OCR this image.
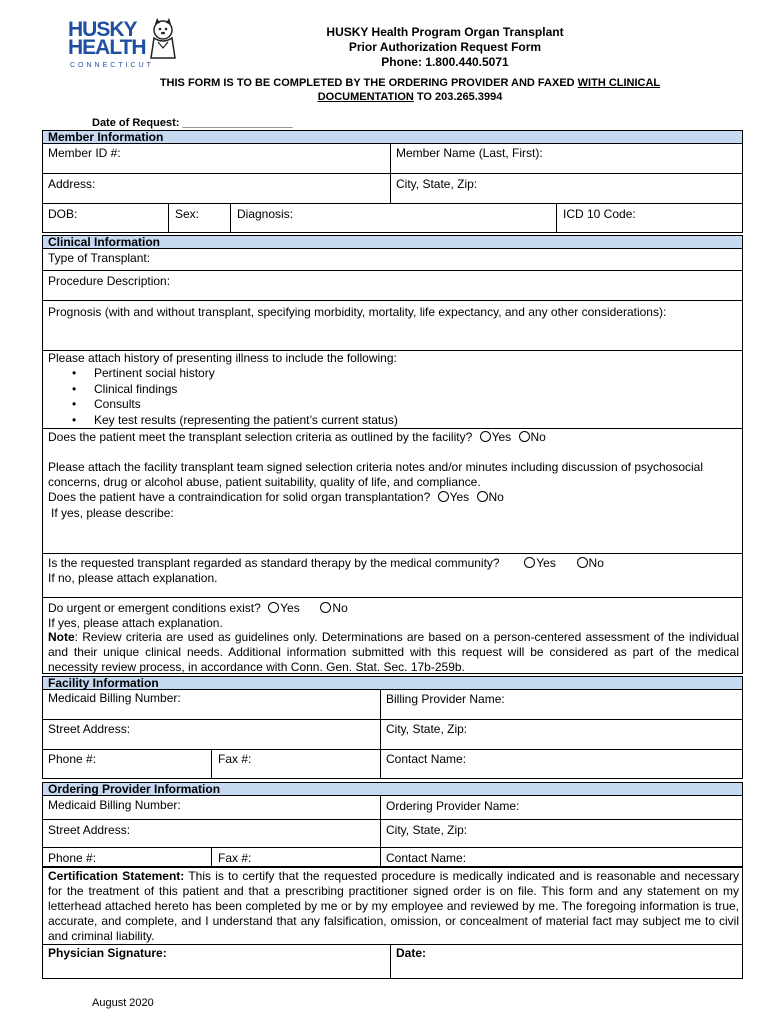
HUSKY
HEALTH
CONNECTICUT
HUSKY Health Program Organ Transplant
Prior Authorization Request Form
Phone: 1.800.440.5071
THIS FORM IS TO BE COMPLETED BY THE ORDERING PROVIDER AND FAXED WITH CLINICAL
DOCUMENTATION TO 203.265.3994
Date of Request: __________________
Member Information
Member ID #:	Member Name (Last, First):
Address:	City, State, Zip:
DOB:	Sex:	Diagnosis:	ICD 10 Code:
Clinical Information
Type of Transplant:
Procedure Description:
Prognosis (with and without transplant, specifying morbidity, mortality, life expectancy, and any other considerations):
Please attach history of presenting illness to include the following:
• Pertinent social history
• Clinical findings
• Consults
• Key test results (representing the patient’s current status)
Does the patient meet the transplant selection criteria as outlined by the facility? Yes No
Please attach the facility transplant team signed selection criteria notes and/or minutes including discussion of psychosocial concerns, drug or alcohol abuse, patient suitability, quality of life, and compliance.
Does the patient have a contraindication for solid organ transplantation? Yes No
If yes, please describe:
Is the requested transplant regarded as standard therapy by the medical community?	Yes	No
If no, please attach explanation.
Do urgent or emergent conditions exist? Yes	No
If yes, please attach explanation.
Note: Review criteria are used as guidelines only. Determinations are based on a person-centered assessment of the individual and their unique clinical needs. Additional information submitted with this request will be considered as part of the medical necessity review process, in accordance with Conn. Gen. Stat. Sec. 17b-259b.
Facility Information
Medicaid Billing Number:	Billing Provider Name:
Street Address:	City, State, Zip:
Phone #:	Fax #:	Contact Name:
Ordering Provider Information
Medicaid Billing Number:	Ordering Provider Name:
Street Address:	City, State, Zip:
Phone #:	Fax #:	Contact Name:
Certification Statement: This is to certify that the requested procedure is medically indicated and is reasonable and necessary for the treatment of this patient and that a prescribing practitioner signed order is on file. This form and any statement on my letterhead attached hereto has been completed by me or by my employee and reviewed by me. The foregoing information is true, accurate, and complete, and I understand that any falsification, omission, or concealment of material fact may subject me to civil and criminal liability.
Physician Signature:	Date:
August 2020
